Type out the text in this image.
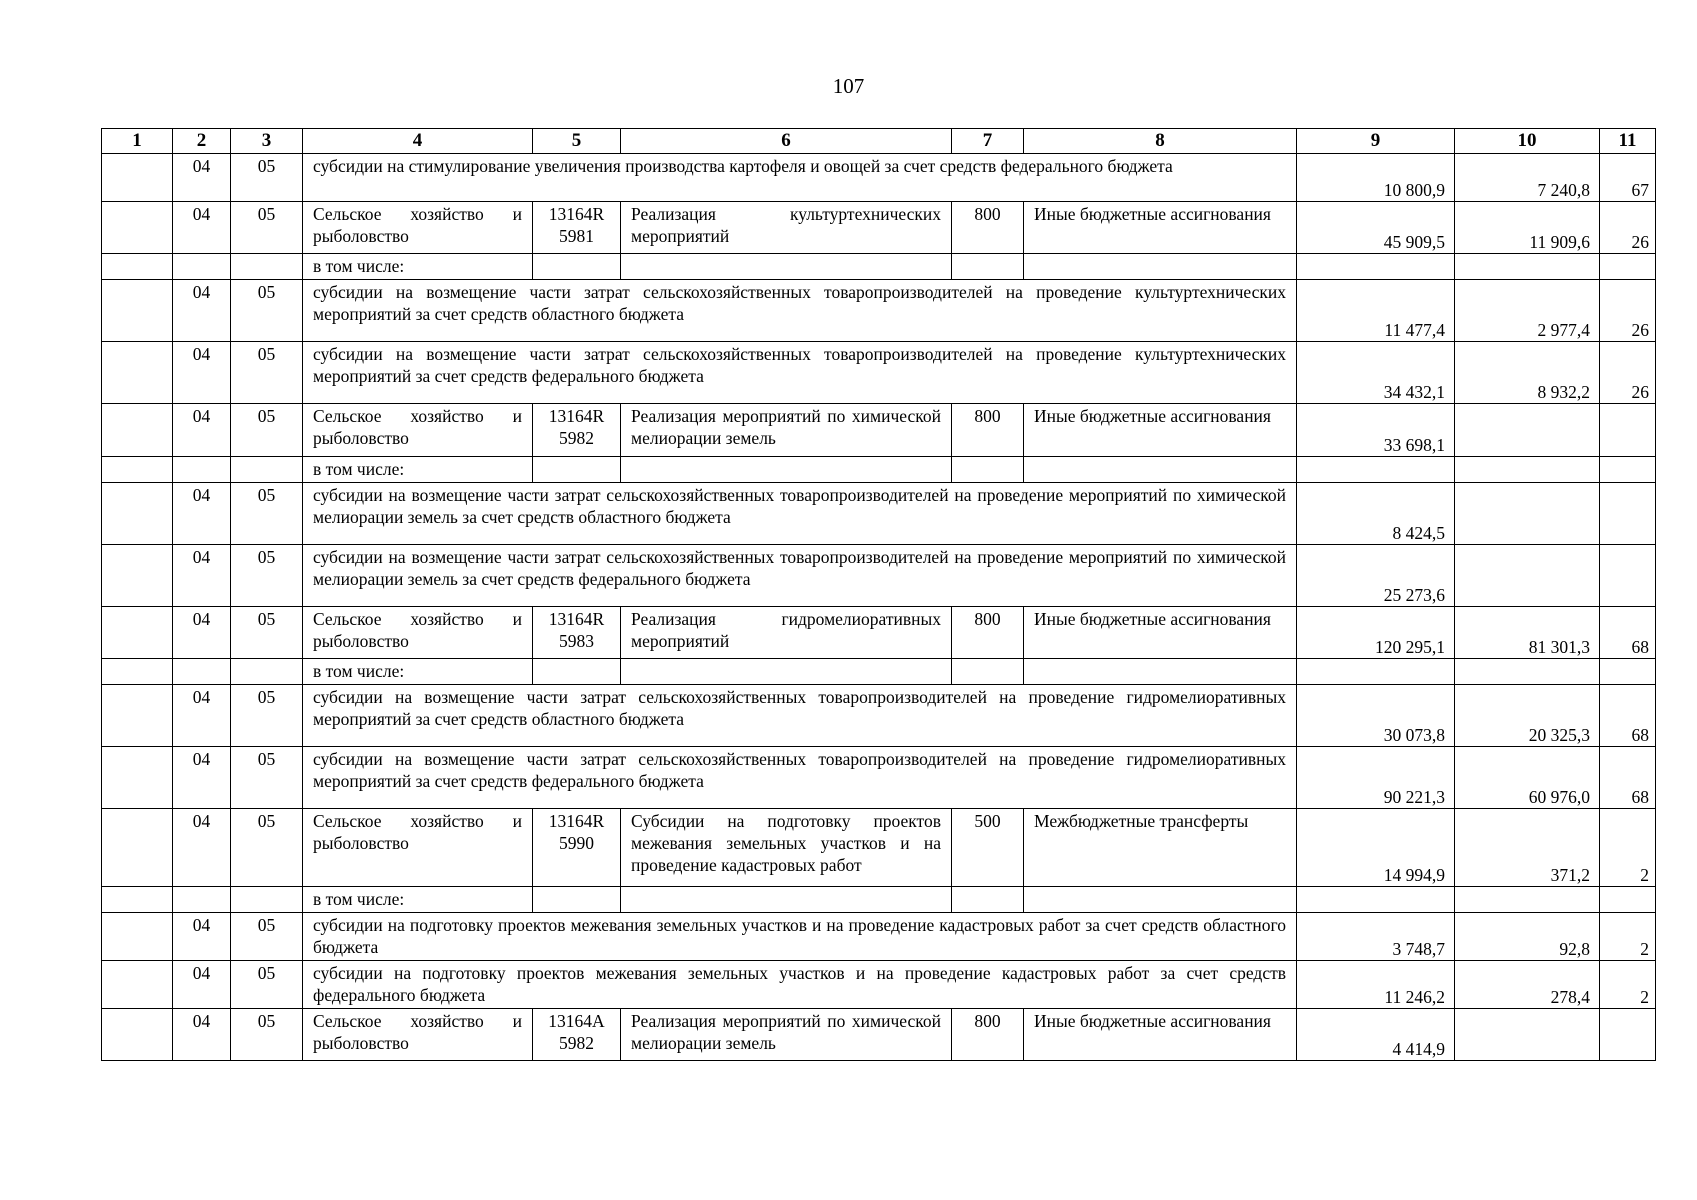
107
1	2	3	4	5	6	7	8	9	10	11
	04	05	субсидии на стимулирование увеличения производства картофеля и овощей за счет средств федерального бюджета					10 800,9	7 240,8	67
	04	05	Сельское хозяйство и рыболовство	13164R 5981	Реализация культуртехнических мероприятий	800	Иные бюджетные ассигнования	45 909,5	11 909,6	26
			в том числе:							
	04	05	субсидии на возмещение части затрат сельскохозяйственных товаропроизводителей на проведение культуртехнических мероприятий за счет средств областного бюджета					11 477,4	2 977,4	26
	04	05	субсидии на возмещение части затрат сельскохозяйственных товаропроизводителей на проведение культуртехнических мероприятий за счет средств федерального бюджета					34 432,1	8 932,2	26
	04	05	Сельское хозяйство и рыболовство	13164R 5982	Реализация мероприятий по химической мелиорации земель	800	Иные бюджетные ассигнования	33 698,1		
			в том числе:							
	04	05	субсидии на возмещение части затрат сельскохозяйственных товаропроизводителей на проведение мероприятий по химической мелиорации земель за счет средств областного бюджета					8 424,5		
	04	05	субсидии на возмещение части затрат сельскохозяйственных товаропроизводителей на проведение мероприятий по химической мелиорации земель за счет средств федерального бюджета					25 273,6		
	04	05	Сельское хозяйство и рыболовство	13164R 5983	Реализация гидромелиоративных мероприятий	800	Иные бюджетные ассигнования	120 295,1	81 301,3	68
			в том числе:							
	04	05	субсидии на возмещение части затрат сельскохозяйственных товаропроизводителей на проведение гидромелиоративных мероприятий за счет средств областного бюджета					30 073,8	20 325,3	68
	04	05	субсидии на возмещение части затрат сельскохозяйственных товаропроизводителей на проведение гидромелиоративных мероприятий за счет средств федерального бюджета					90 221,3	60 976,0	68
	04	05	Сельское хозяйство и рыболовство	13164R 5990	Субсидии на подготовку проектов межевания земельных участков и на проведение кадастровых работ	500	Межбюджетные трансферты	14 994,9	371,2	2
			в том числе:							
	04	05	субсидии на подготовку проектов межевания земельных участков и на проведение кадастровых работ за счет средств областного бюджета					3 748,7	92,8	2
	04	05	субсидии на подготовку проектов межевания земельных участков и на проведение кадастровых работ за счет средств федерального бюджета					11 246,2	278,4	2
	04	05	Сельское хозяйство и рыболовство	13164A 5982	Реализация мероприятий по химической мелиорации земель	800	Иные бюджетные ассигнования	4 414,9		
